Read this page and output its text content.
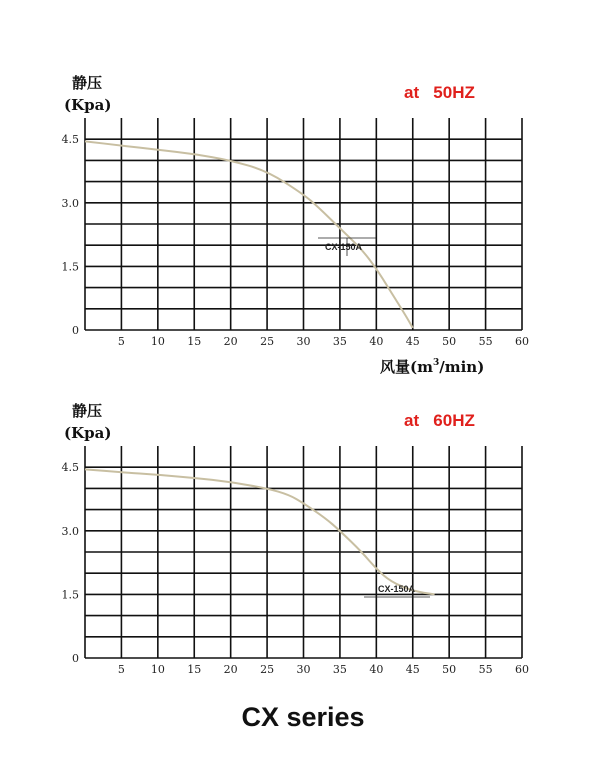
静压
(Kpa)
at   50HZ
5 10 15 20 25 30 35 40 45 50 55 60
0
1.5
3.0
4.5
CX-150A
风量$(m^3/\min)$
静压
(Kpa)
at   60HZ
5 10 15 20 25 30 35 40 45 50 55 60
0
1.5
3.0
4.5
CX-150A
CX series
